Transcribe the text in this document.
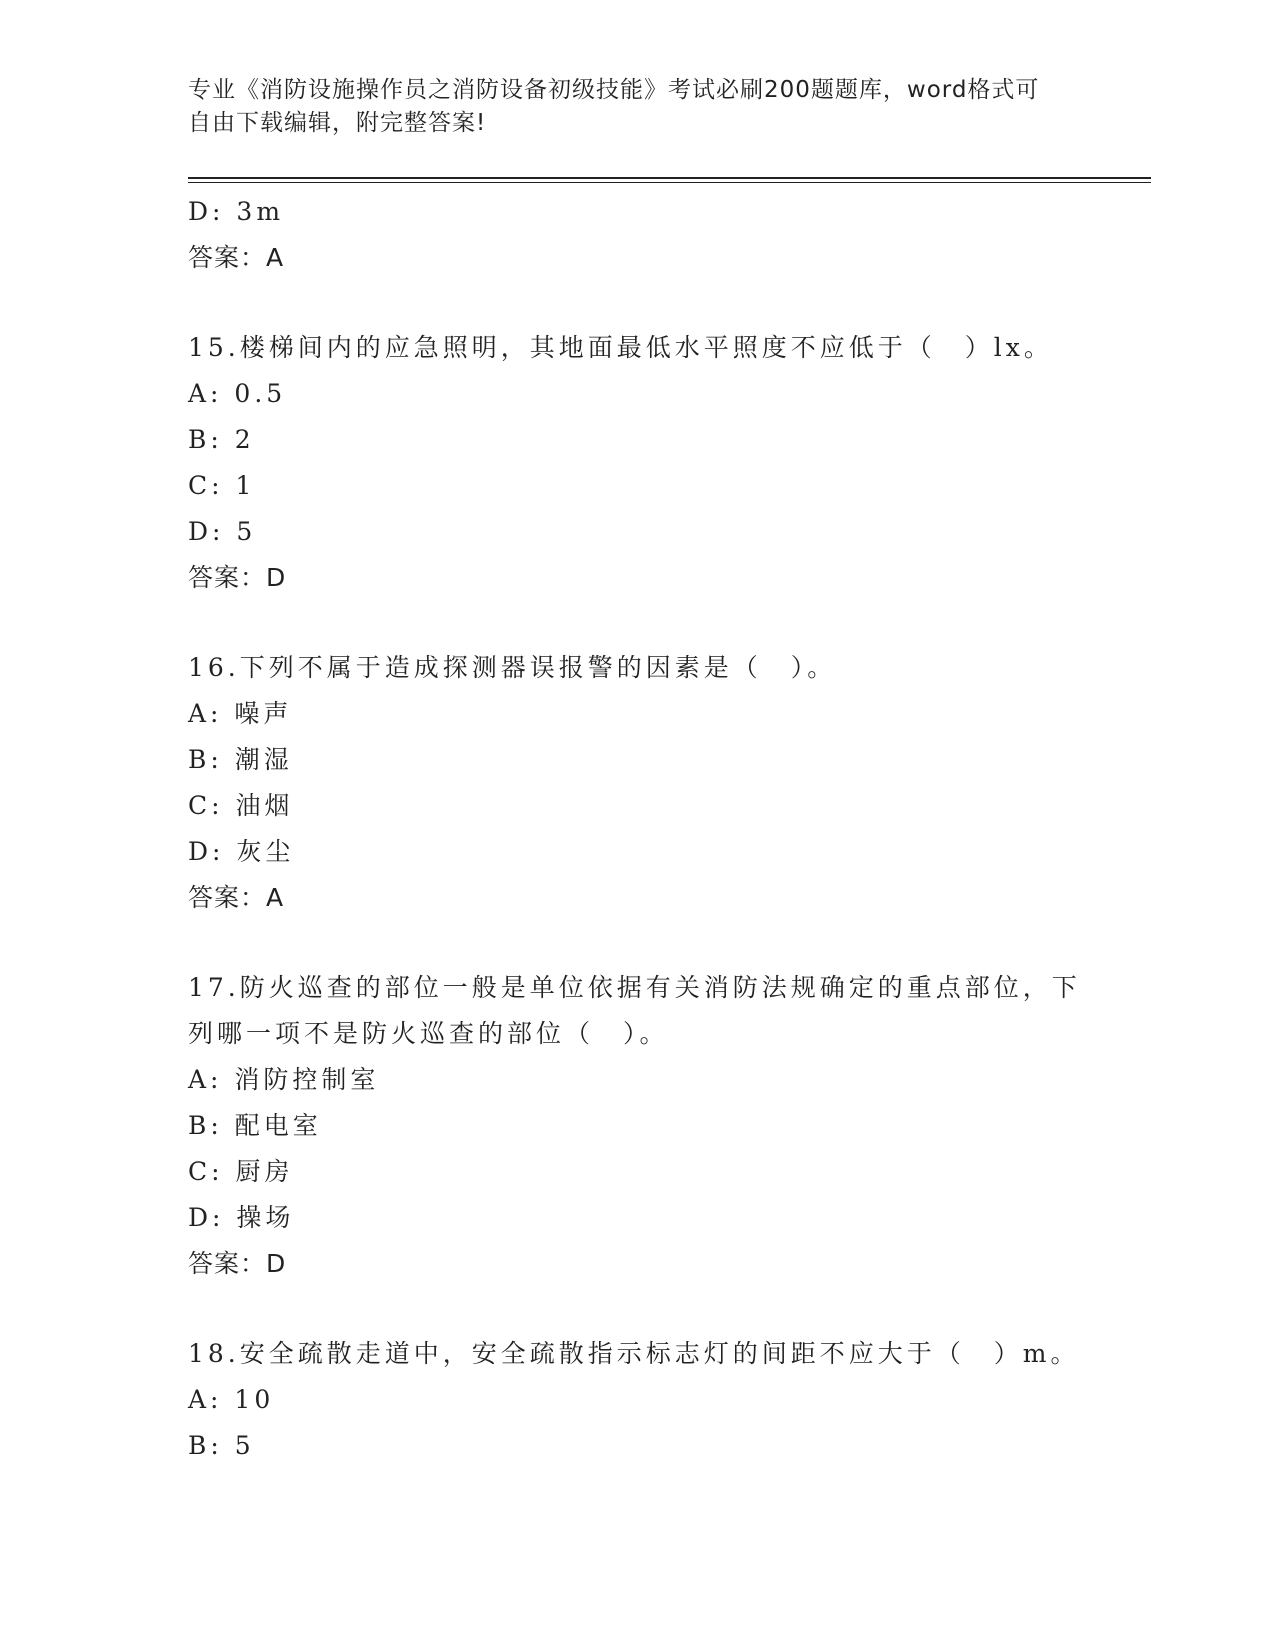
专业《消防设施操作员之消防设备初级技能》考试必刷200题题库，word格式可
自由下载编辑，附完整答案!
D: 3m
答案：A
15.楼梯间内的应急照明，其地面最低水平照度不应低于（　）lx。
A: 0.5
B: 2
C: 1
D: 5
答案：D
16.下列不属于造成探测器误报警的因素是（　）。
A: 噪声
B: 潮湿
C: 油烟
D: 灰尘
答案：A
17.防火巡查的部位一般是单位依据有关消防法规确定的重点部位，下
列哪一项不是防火巡查的部位（　）。
A: 消防控制室
B: 配电室
C: 厨房
D: 操场
答案：D
18.安全疏散走道中，安全疏散指示标志灯的间距不应大于（　）m。
A: 10
B: 5
